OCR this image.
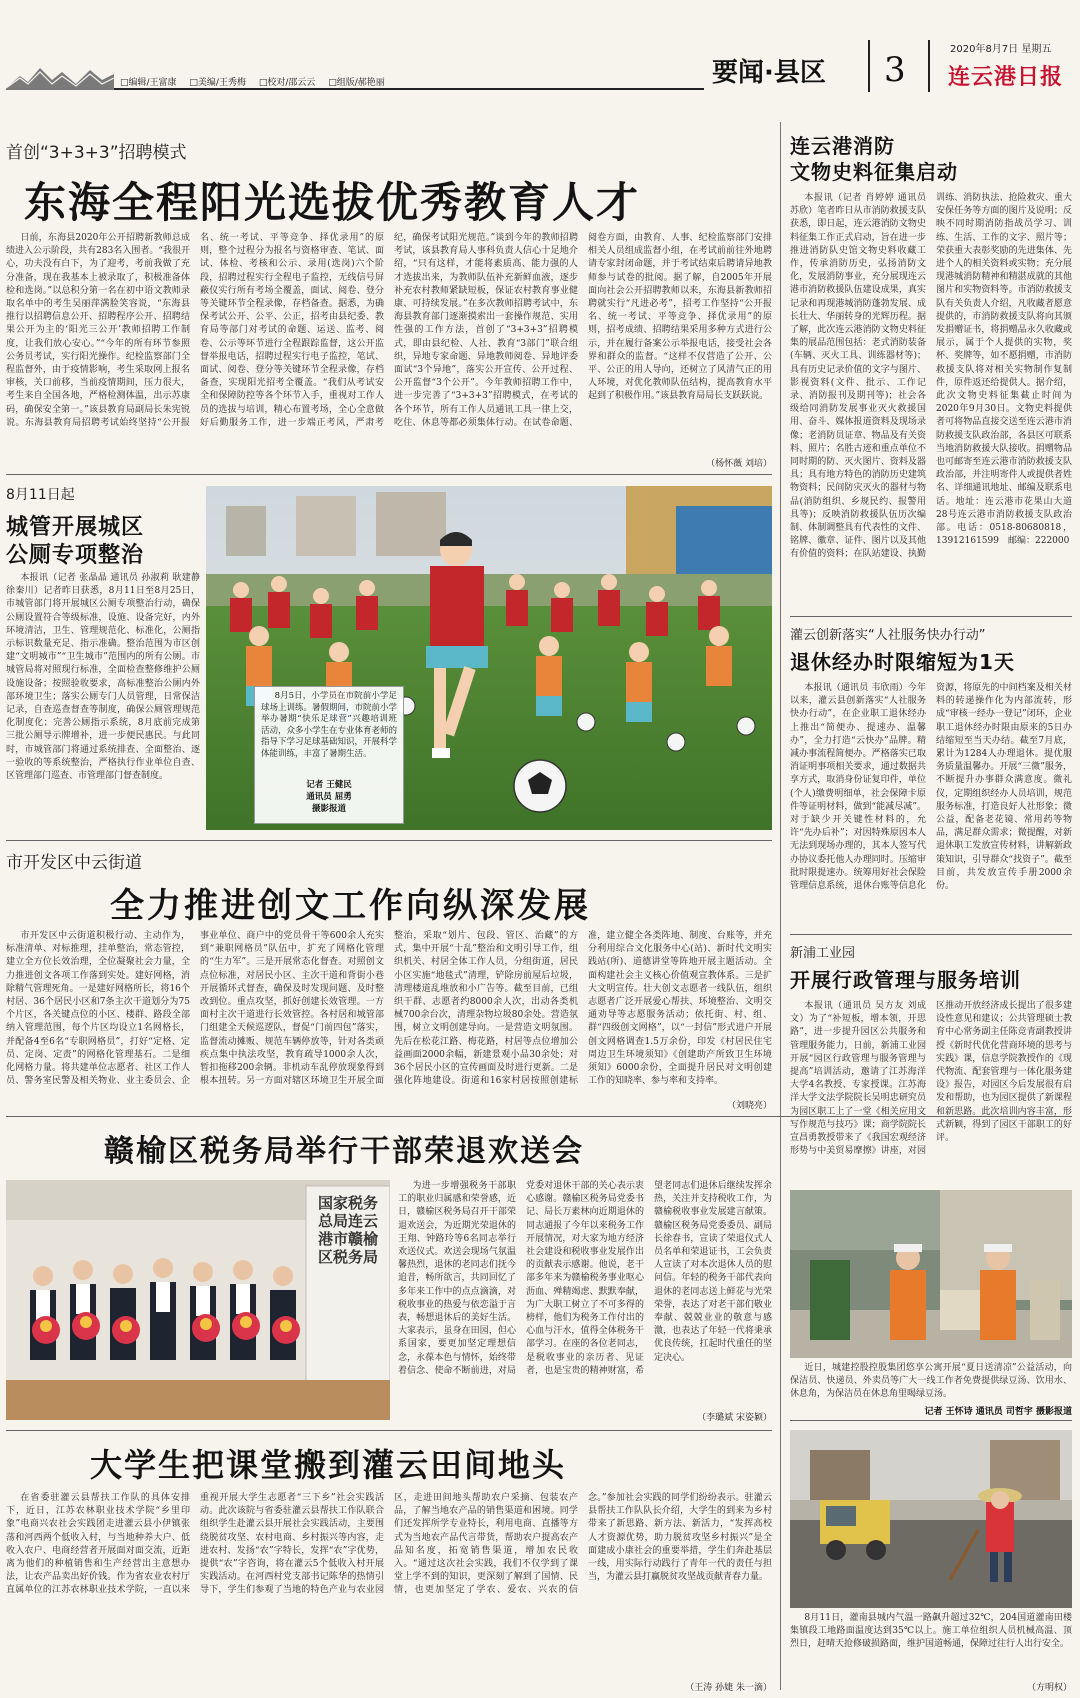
□编辑/王富康 □美编/王秀梅 □校对/邵云云 □组版/郝艳丽	要闻·县区 3
2020年8月7日 星期五
连云港日报
首创“3+3+3”招聘模式
东海全程阳光选拔优秀教育人才

日前，东海县2020年公开招聘新教师总成绩进入公示阶段，共有283名入围者。“我很开心，功夫没有白下，为了迎考，考前我做了充分准备，现在我基本上被录取了，积极准备体检和选岗。”以总积分第一名在初中语文教师录取名单中的考生吴丽萍满脸笑容说，“东海县推行以招聘信息公开、招聘程序公开、招聘结果公开为主的‘阳光三公开’教师招聘工作制度，让我们放心安心。”“今年的所有环节参照公务员考试，实行阳光操作。纪检监察部门全程监督外，由于疫情影响，考生采取网上报名审核，关口前移，当前疫情期间，压力很大，考生来自全国各地，严格检测体温，出示苏康码，确保安全第一。”该县教育局副局长朱宪锐说。东海县教育局招聘考试始终坚持“公开报名、统一考试、平等竞争、择优录用”的原则，整个过程分为报名与资格审查、笔试、面试、体检、考核和公示、录用(选岗)六个阶段，招聘过程实行全程电子监控，无线信号屏蔽仪实行所有考场全覆盖，面试、阅卷、登分等关键环节全程录像，存档备查。据悉，为确保考试公开、公平、公正，招考由县纪委、教育局等部门对考试的命题、运送、监考、阅卷、公示等环节进行全程跟踪监督，这公开监督举报电话，招聘过程实行电子监控，笔试、面试、阅卷、登分等关键环节全程录像，存档备查，实现阳光招考全覆盖。“我们从考试安全和保障防控等各个环节入手，重视对工作人员的选拔与培训，精心布置考场，全心全意做好后勤服务工作，进一步端正考风，严肃考纪，确保考试阳光规范。”谈到今年的教师招聘考试，该县教育局人事科负责人信心十足地介绍，“只有这样，才能将素质高、能力强的人才选拔出来，为教师队伍补充新鲜血液，逐步补充农村教师紧缺短板，保证农村教育事业健康、可持续发展。”在多次教师招聘考试中，东海县教育部门逐渐摸索出一套操作规范、实用性强的工作方法，首创了“3+3+3”招聘模式，即由县纪检、人社、教育“3部门”联合组织，异地专家命题、异地教师阅卷、异地评委面试“3个异地”，落实公开宣传、公开过程、公开监督“3个公开”。今年教师招聘工作中，进一步完善了“3+3+3”招聘模式，在考试的各个环节，所有工作人员通讯工具一律上交，吃住、休息等都必须集体行动。在试卷命题、阅卷方面，由教育、人事、纪检监察部门安排相关人员组成监督小组，在考试前前往外地聘请专家封闭命题，并于考试结束后聘请异地教师参与试卷的批阅。据了解，自2005年开展面向社会公开招聘教师以来，东海县新教师招聘就实行“凡进必考”，招考工作坚持“公开报名、统一考试、平等竞争、择优录用”的原则，招考成绩、招聘结果采用多种方式进行公示，并在履行备案公示举报电话，接受社会各界和群众的监督。“这样不仅营造了公开、公平、公正的用人导向，还树立了风清气正的用人环境，对优化教师队伍结构，提高教育水平起到了积极作用。”该县教育局局长支跃跃说。

（杨怀薇 刘培）
8月11日起
城管开展城区
公厕专项整治

本报讯（记者 张晶晶 通讯员 孙淑莉 耿建静 徐秦川）记者昨日获悉，8月11日至8月25日，市城管部门将开展城区公厕专项整治行动，确保公厕设置符合等级标准，设施、设备完好，内外环境清洁，卫生、管理规范化、标准化，公厕指示标识数量充足、指示准确。整治范围为市区创建“文明城市”“卫生城市”范围内的所有公厕。市城管局将对照现行标准，全面检查整修维护公厕设施设备；按照验收要求，高标准整治公厕内外部环境卫生；落实公厕专门人员管理，日常保洁记录，自查巡查督查等制度，确保公厕管理规范化制度化；完善公厕指示系统，8月底前完成第三批公厕导示牌增补，进一步便民惠民。与此同时，市城管部门将通过系统排查、全面整治、逐一验收的等系统整治，严格执行作业单位自查、区管理部门巡查、市管理部门督查制度。

8月5日，小学员在市院前小学足球场上训练。暑假期间，市院前小学举办暑期“快乐足球营”兴趣培训班活动，众多小学生在专业体育老师的指导下学习足球基础知识，开展科学体能训练，丰富了暑期生活。

记者 王健民
通讯员 屈勇
摄影报道
市开发区中云街道
全力推进创文工作向纵深发展

市开发区中云街道积极行动、主动作为，标准清单、对标推理，挂单整治，常态管控，建立全方位长效治理，全位凝聚社会力量，全力推进创文各项工作落到实处。建好网格，消除精气管理死角。一是建好网格所长，将16个村居、36个居民小区和7条主次干道划分为75个片区，各关键点位的小区、楼群、路段全部纳入管理范围，每个片区均设立1名网格长，并配备4至6名“专职网格员”，打好“定格、定员、定岗、定责”的网格化管理基石。二是细化网格力量。将共建单位志愿者、社区工作人员、警务室民警及相关物业、业主委员会、企事业单位、商户中的党员骨干等600余人充实到“兼职网格员”队伍中，扩充了网格化管理的“生力军”。三是开展常态化督查。对照创文点位标准，对居民小区、主次干道和背街小巷开展循环式督查，确保及时发现问题、及时整改到位。重点攻坚，抓好创建长效管理。一方面村主次干道进行长效管控。各村居和城管部门组建全天候巡逻队，督促“门前四包”落实，监督流动摊贩、规范车辆停放等，针对各类顽疾点集中执法攻坚，教育疏导1000余人次，暂扣拖移200余辆。非机动车乱停放现象得到根本扭转。另一方面对辖区环境卫生开展全面整治，采取“划片、包段、管区、治藏”的方式，集中开展“十乱”整治和文明引导工作，组织机关、村居全体工作人员，分组街道，居民小区实施“地毯式”清理，铲除房前屋后垃圾，清理楼道乱堆放和小广告等。截至目前，已组织干群、志愿者约8000余人次，出动各类机械700余台次，清理杂物垃圾80余处。营造氛围，树立文明创建导向。一是营造文明氛围。先后在松花江路、梅花路，村居等点位增加公益画面2000余幅，新建景观小品30余处；对36个居民小区的宣传画面及时进行更新。二是强化阵地建设。街道和16家村居按照创建标准，建立健全各类阵地、制度、台账等，并充分利用综合文化服务中心(站)、新时代文明实践站(所)、道德讲堂等阵地开展主题活动。全面构建社会主义核心价值观宣教体系。三是扩大文明宣传。壮大创文志愿者一线队伍，组织志愿者广泛开展爱心帮扶、环境整治、文明交通劝导等志愿服务活动；依托街、村、组、群“四级创文网格”，以“一封信”形式进户开展创文网格调查1.5万余份，印发《村居民住宅周边卫生环境须知》《创建助产所致卫生环境须知》6000余份，全面提升居民对文明创建工作的知晓率、参与率和支持率。

（刘晓亮）
赣榆区税务局举行干部荣退欢送会
国家税务总局连云港市赣榆区税务局

为进一步增强税务干部职工的职业归属感和荣誉感，近日，赣榆区税务局召开干部荣退欢送会，为近期光荣退休的王翔、钟路玲等6名同志举行欢送仪式。欢送会现场气氛温馨热烈，退休的老同志们抚今追昔，畅所欲言，共同回忆了多年来工作中的点点滴滴，对税收事业的热爱与依恋溢于言表，畅想退休后的美好生活。大家表示，虽身在田园，但心系国家，要更加坚定理想信念，永葆本色与情怀，始终带着信念、使命不断前进，对局党委对退休干部的关心表示衷心感谢。赣榆区税务局党委书记、局长万素林向近期退休的同志通报了今年以来税务工作开展情况，对大家为地方经济社会建设和税收事业发展作出的贡献表示感谢。他说，老干部多年来为赣榆税务事业呕心沥血、殚精竭虑、默默奉献，为广大职工树立了不可多得的榜样，他们为税务工作付出的心血与汗水，值得全体税务干部学习。在座的各位老同志，是税收事业的亲历者、见证者，也是宝贵的精神财富，希望老同志们退休后继续发挥余热，关注并支持税收工作，为赣榆税收事业发展建言献策。赣榆区税务局党委委员、副局长徐春书，宣读了荣退仪式人员名单和荣退证书，工会负责人宣读了对本次退休人员的慰问信。年轻的税务干部代表向退休的老同志送上鲜花与光荣荣誉，表达了对老干部们敬业奉献、兢兢业业的敬意与感激，也表达了年轻一代将秉承优良传统，扛起时代重任的坚定决心。

（李璐斌 宋姿颖）
大学生把课堂搬到灌云田间地头

在省委驻灌云县帮扶工作队的具体安排下，近日，江苏农林职业技术学院“乡里印象”电商兴农社会实践团走进灌云县小伊镇张荡和河西两个低收入村，与当地种养大户、低收入农户、电商经营者开展面对面交流，近距离为他们的种植销售和生产经营出主意想办法，让农产品卖出好价钱。作为省农业农村厅直属单位的江苏农林职业技术学院，一直以来重视开展大学生志愿者“三下乡”社会实践活动。此次该院与省委驻灌云县帮扶工作队联合组织学生赴灌云县开展社会实践活动，主要围绕脱贫攻坚、农村电商、乡村振兴等内容，走进农村、发扬“农”字特长，发挥“农”字优势，提供“农”字咨询，将在灌云5个低收入村开展实践活动。在河西村党支部书记陈华的热情引导下，学生们参观了当地的特色产业与农业园区，走进田间地头帮助农户采摘、包装农产品，了解当地农产品的销售渠道和困境。同学们还发挥所学专业特长，利用电商、直播等方式为当地农产品代言带货，帮助农户提高农产品知名度，拓宽销售渠道，增加农民收入。“通过这次社会实践，我们不仅学到了课堂上学不到的知识，更深刻了解到了国情、民情，也更加坚定了学农、爱农、兴农的信念。”参加社会实践的同学们纷纷表示。驻灌云县帮扶工作队队长介绍，大学生的到来为乡村带来了新思路、新方法、新活力，“发挥高校人才资源优势，助力脱贫攻坚乡村振兴”是全面建成小康社会的重要举措，学生们奔赴基层一线，用实际行动践行了青年一代的责任与担当，为灌云县打赢脱贫攻坚战贡献青春力量。

（王涛 孙婕 朱一滴）
连云港消防
文物史料征集启动

本报讯（记者 肖婷婷 通讯员 苏欣）笔者昨日从市消防救援支队获悉，即日起，连云港消防文物史料征集工作正式启动，旨在进一步推进消防队史馆文物史料收藏工作，传承消防历史，弘扬消防文化，发展消防事业，充分展现连云港市消防救援队伍建设成果，真实记录和再现港城消防蓬勃发展、成长壮大、华丽转身的光辉历程。据了解，此次连云港消防文物史料征集的展品范围包括：老式消防装备(车辆、灭火工具、训练器材等)；具有历史记录价值的文字与图片、影视资料(文件、批示、工作记录、消防报刊及期刊等)；社会各级给同消防发展事业灭火救援国用、奋斗、媒体报道资料及现场录像；老消防员证章、物品及有关资料、照片；名胜古迹和重点单位不同时期的防、灭火图片、资料及器具；具有地方特色的消防历史建筑物资料；民间防灾灭火的器材与物品(消防组织、乡规民约、报警用具等)；反映消防救援队伍历次编制、体制调整具有代表性的文件、铭牌、徽章、证件、图片以及其他有价值的资料；在队站建设、执勤训练、消防执法、抢险救灾、重大安保任务等方面的图片及说明；反映不同时期消防指战员学习、训练、生活、工作的文字、照片等；荣获重大表彰奖励的先进集体、先进个人的相关资料或实物；充分展现港城消防精神和精湛成就的其他图片和实物资料等。市消防救援支队有关负责人介绍，凡收藏者愿意提供的，市消防救援支队将向其颁发捐赠证书，将捐赠品永久收藏或展示，属于个人提供的实物，奖杯、奖牌等，如不愿捐赠，市消防救援支队将对相关实物制作复制件，原件返还给提供人。据介绍，此次文物史料征集截止时间为2020年9月30日。文物史料提供者可将物品直接交送至连云港市消防救援支队政治部，各县区可联系当地消防救援大队接收。捐赠物品也可邮寄至连云港市消防救援支队政治部，并注明寄件人或提供者姓名、详细通讯地址、邮编及联系电话。地址：连云港市花果山大道28号连云港市消防救援支队政治部。电话：0518-80680818，13912161599　邮编：222000

灌云创新落实“人社服务快办行动”
退休经办时限缩短为1天

本报讯（通讯员 韦欣雨）今年以来，灌云县创新落实“人社服务快办行动”，在企业职工退休经办上推出“简便办、提速办、温馨办”，全力打造“云快办”品牌。精减办事流程简便办。严格落实已取消证明事项相关要求，通过数据共享方式，取消身份证复印件，单位(个人)缴费明细单，社会保障卡原件等证明材料，做到“能减尽减”。对于缺少开关键性材料的，允许“先办后补”；对因特殊原因本人无法到现场办理的，其本人签写代办协议委托他人办理同时。压缩审批时限提速办。统筹用好社会保险管理信息系统，退休台账等信息化资源，将原先的中间档案及相关材料的转递操作化为内部流转，形成“审核一经办一登记”闭环，企业职工退休经办时限由原来的5日办结缩短至当天办结。截至7月底，累计为1284人办理退休。提优服务质量温馨办。开展“三微”服务，不断提升办事群众满意度。微礼仪，定期组织经办人员培训，规范服务标准，打造良好人社形象；微公益，配备老花镜、常用药等物品，满足群众需求；微提醒，对新退休职工发放宣传材料，讲解新政策知识，引导群众“找资子”。截至目前，共发放宣传手册2000余份。

新浦工业园
开展行政管理与服务培训

本报讯（通讯员 吴方友 刘成文）为了“补短板，增本领，开思路”，进一步提升园区公共服务和管理服务能力，日前，新浦工业园开展“园区行政管理与服务管理与提高”培训活动，邀请了江苏海洋大学4名教授、专家授课。江苏海洋大学文法学院院长吴明忠研究员为园区职工上了一堂《相关应用文写作规范与技巧》课；商学院院长宣昌勇教授带来了《我国宏观经济形势与中美贸易摩擦》讲座，对园区推动开放经济成长提出了很多建设性意见和建议；公共管理硕士教育中心常务副主任陈竞青副教授讲授《新时代优化营商环境的思考与实践》课，信息学院教授作的《现代物流、配套管理与一体化服务建设》报告，对园区今后发展很有启发和帮助，也为园区提供了新课程和新思路。此次培训内容丰富，形式新颖，得到了园区干部职工的好评。

近日，城建控股控股集团悠享公寓开展“夏日送清凉”公益活动，向保洁员、快递员、外卖员等广大一线工作者免费提供绿豆汤、饮用水、休息角，为保洁员在休息角里喝绿豆汤。

记者 王怀诗 通讯员 司哲宇 摄影报道

8月11日，灌南县城内气温一路飙升超过32℃，204国道灌南田楼集镇段工地路面温度达到35℃以上。施工单位组织人员机械高温、顶烈日，赶晴天抢修破损路面，维护国道畅通，保障过往行人出行安全。

（方明权）
